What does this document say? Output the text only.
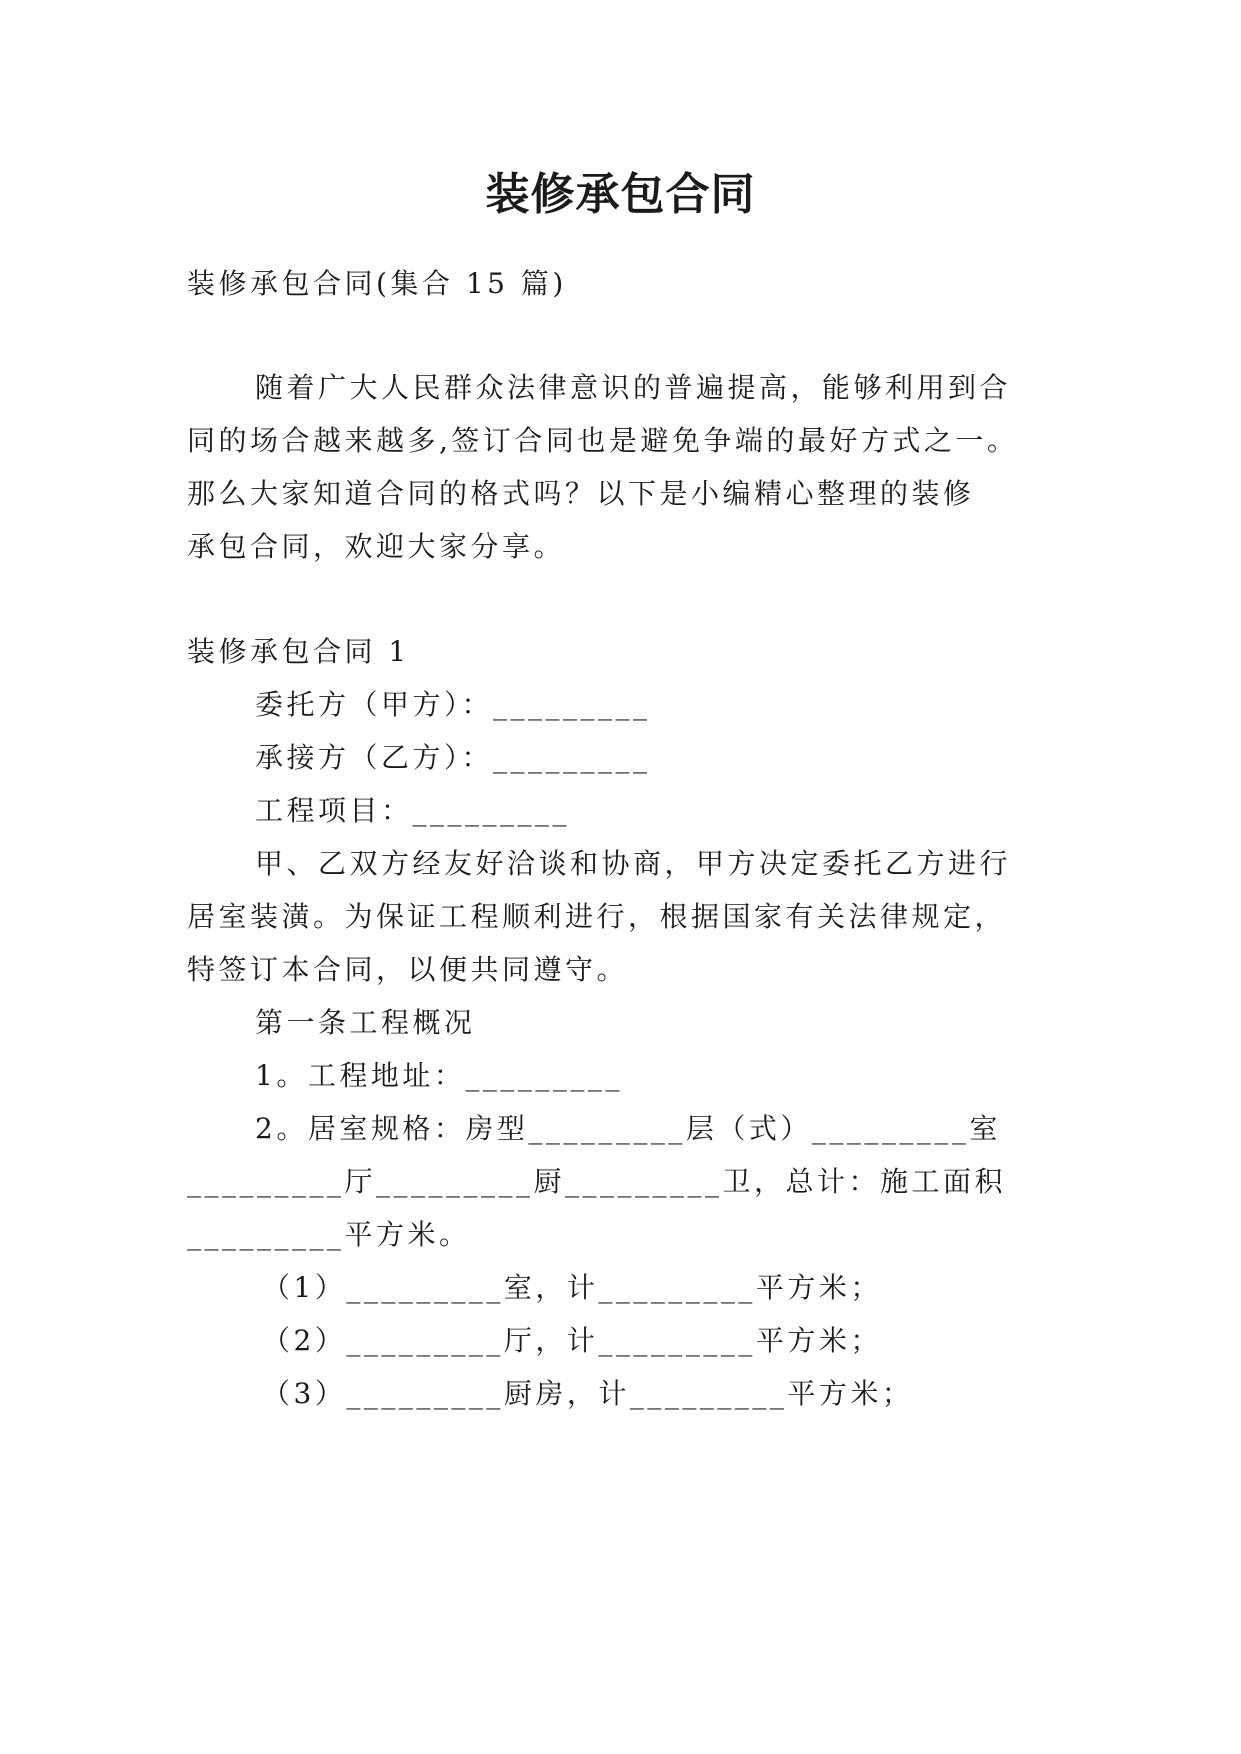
装修承包合同
装修承包合同(集合 15 篇)
随着广大人民群众法律意识的普遍提高，能够利用到合
同的场合越来越多,签订合同也是避免争端的最好方式之一。
那么大家知道合同的格式吗？以下是小编精心整理的装修
承包合同，欢迎大家分享。
装修承包合同 1
委托方（甲方）：_________
承接方（乙方）：_________
工程项目：_________
甲、乙双方经友好洽谈和协商，甲方决定委托乙方进行
居室装潢。为保证工程顺利进行，根据国家有关法律规定，
特签订本合同，以便共同遵守。
第一条工程概况
1。工程地址：_________
2。居室规格：房型_________层（式）_________室
_________厅_________厨_________卫，总计：施工面积
_________平方米。
（1）_________室，计_________平方米；
（2）_________厅，计_________平方米；
（3）_________厨房，计_________平方米；
